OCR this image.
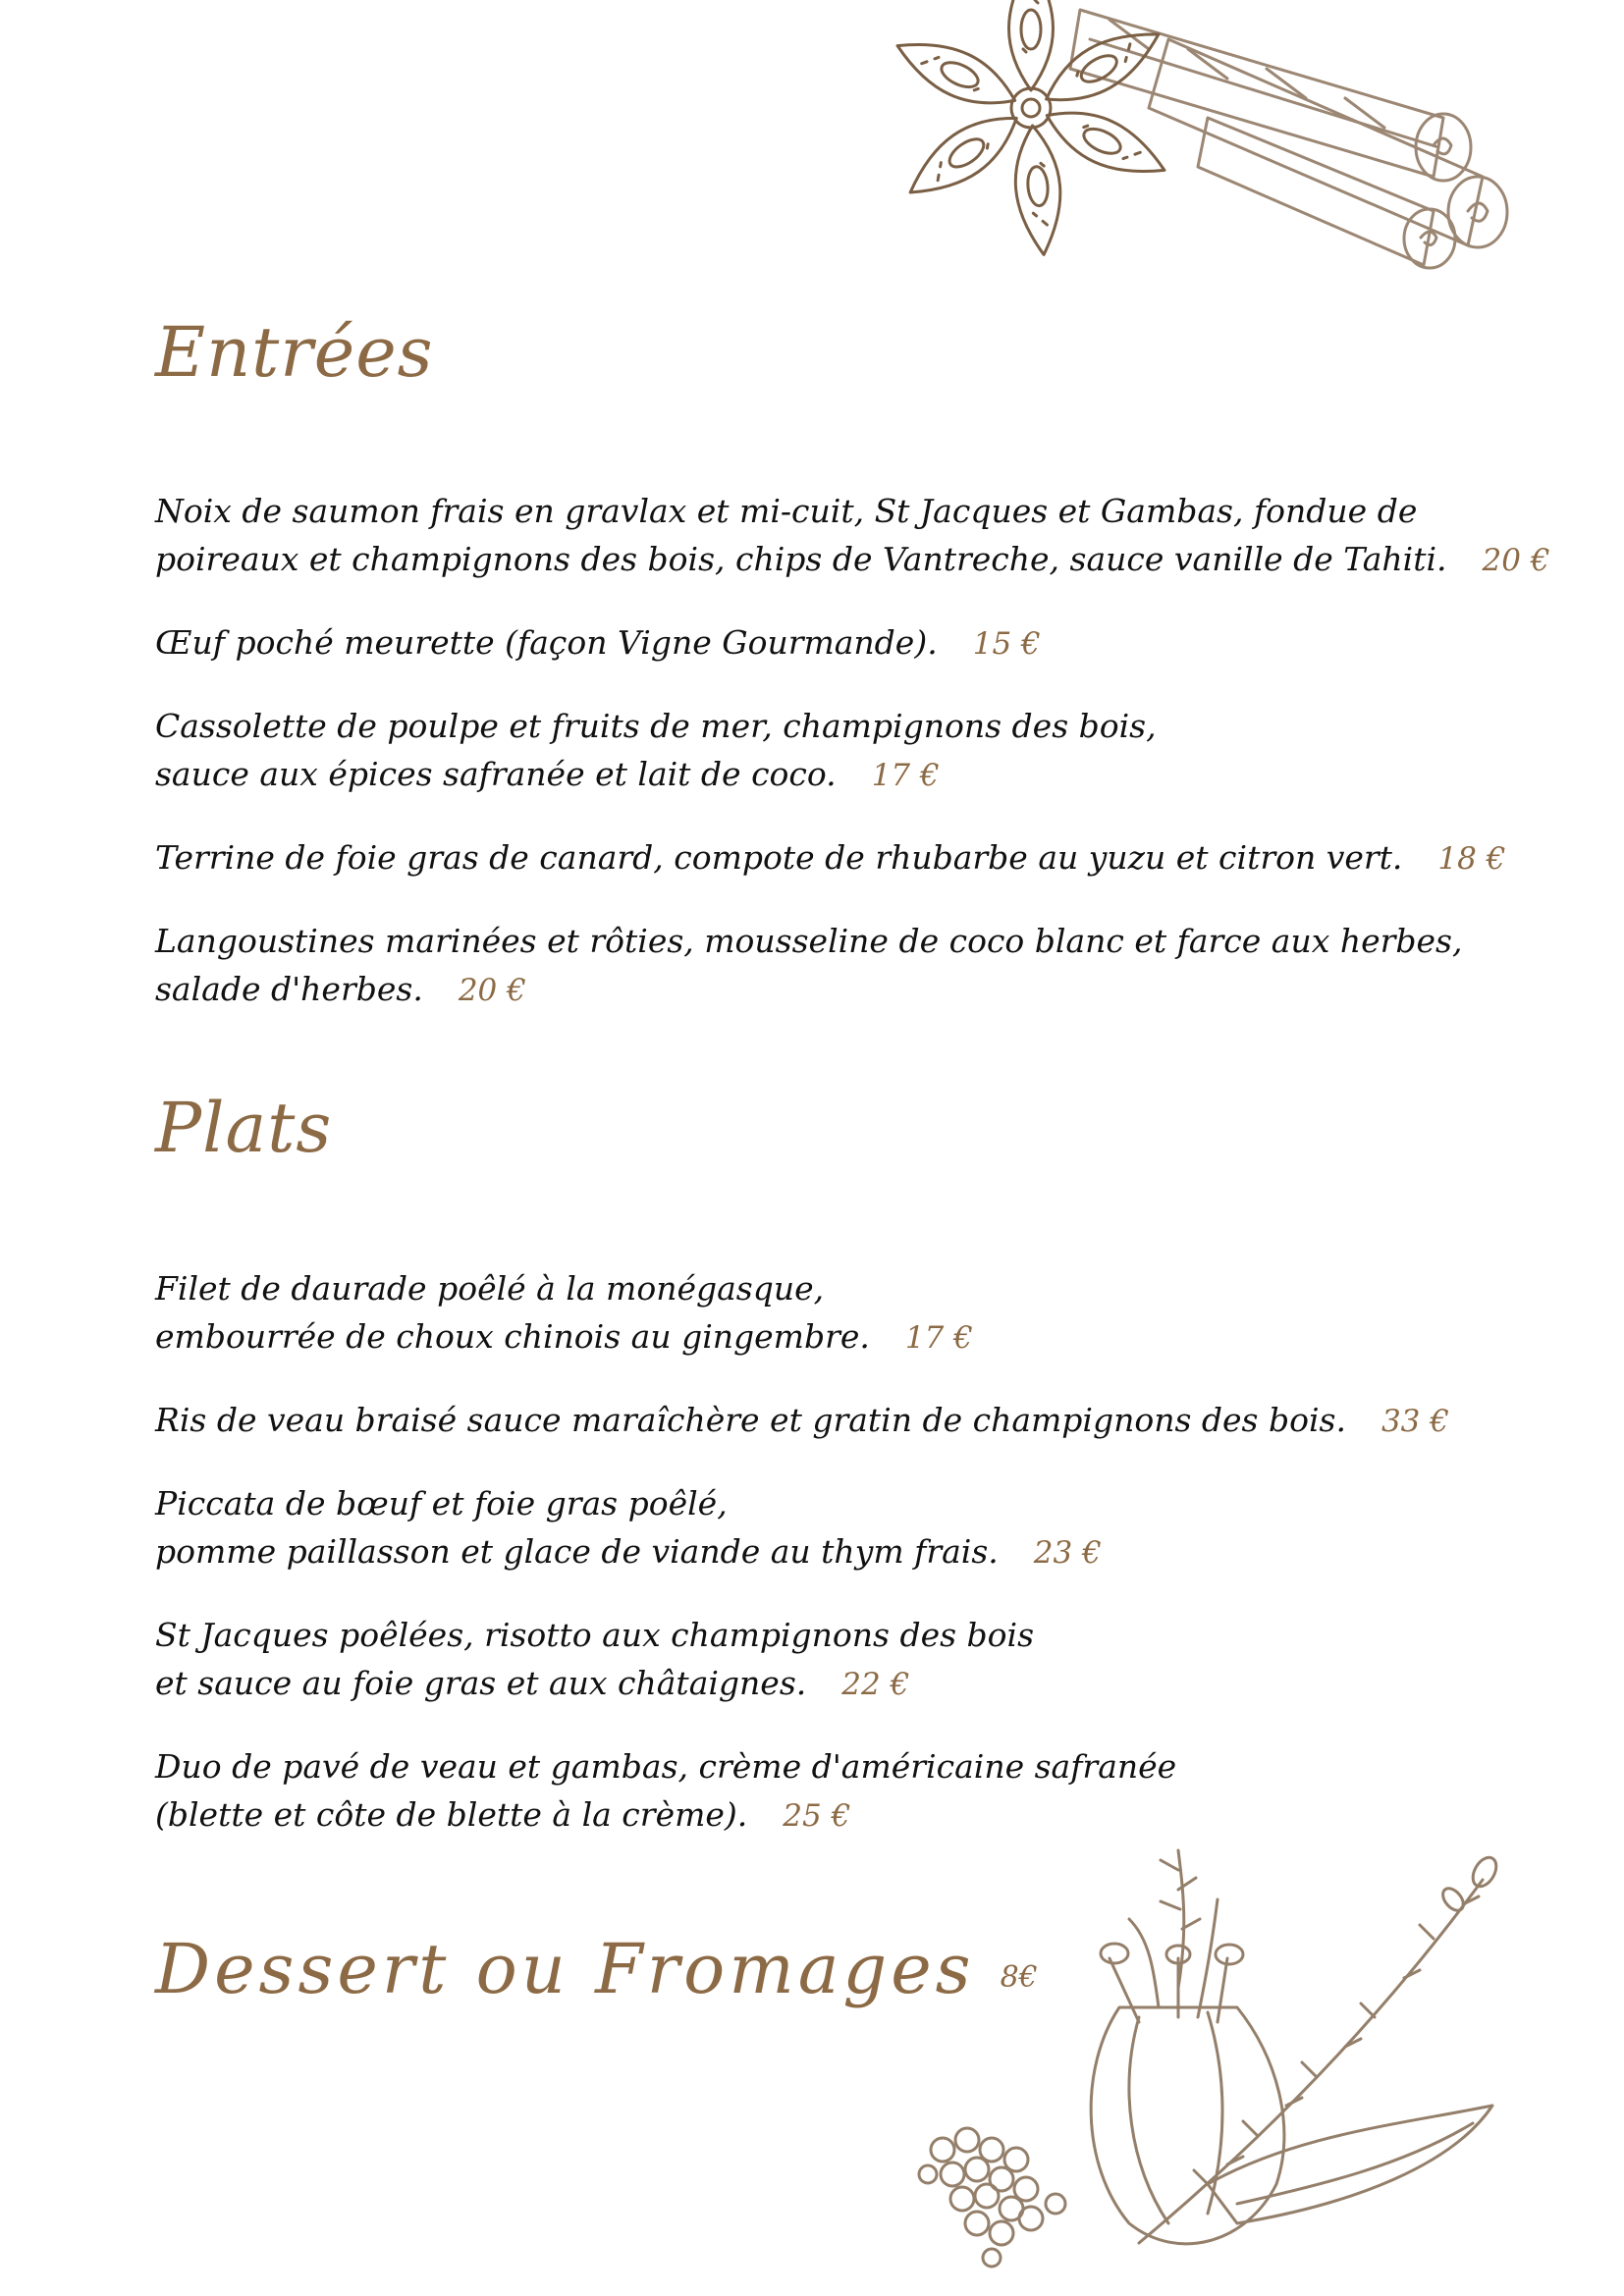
Entrées
Noix de saumon frais en gravlax et mi-cuit, St Jacques et Gambas, fondue de
poireaux et champignons des bois, chips de Vantreche, sauce vanille de Tahiti. 20 €
Œuf poché meurette (façon Vigne Gourmande). 15 €
Cassolette de poulpe et fruits de mer, champignons des bois,
sauce aux épices safranée et lait de coco. 17 €
Terrine de foie gras de canard, compote de rhubarbe au yuzu et citron vert. 18 €
Langoustines marinées et rôties, mousseline de coco blanc et farce aux herbes,
salade d'herbes. 20 €
Plats
Filet de daurade poêlé à la monégasque,
embourrée de choux chinois au gingembre. 17 €
Ris de veau braisé sauce maraîchère et gratin de champignons des bois. 33 €
Piccata de bœuf et foie gras poêlé,
pomme paillasson et glace de viande au thym frais. 23 €
St Jacques poêlées, risotto aux champignons des bois
et sauce au foie gras et aux châtaignes. 22 €
Duo de pavé de veau et gambas, crème d'américaine safranée
(blette et côte de blette à la crème). 25 €
Dessert ou Fromages 8€
